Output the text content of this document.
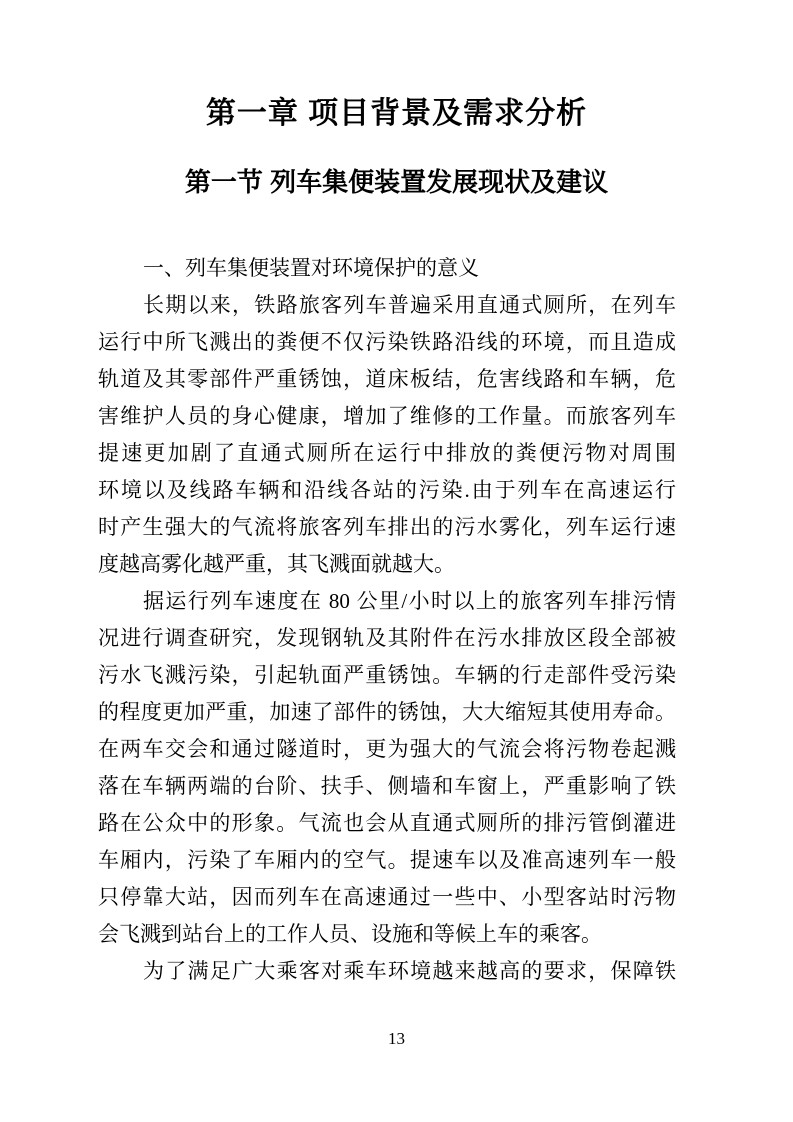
第一章 项目背景及需求分析
第一节 列车集便装置发展现状及建议
一、列车集便装置对环境保护的意义
长期以来，铁路旅客列车普遍采用直通式厕所，在列车
运行中所飞溅出的粪便不仅污染铁路沿线的环境，而且造成
轨道及其零部件严重锈蚀，道床板结，危害线路和车辆，危
害维护人员的身心健康，增加了维修的工作量。而旅客列车
提速更加剧了直通式厕所在运行中排放的粪便污物对周围
环境以及线路车辆和沿线各站的污染.由于列车在高速运行
时产生强大的气流将旅客列车排出的污水雾化，列车运行速
度越高雾化越严重，其飞溅面就越大。
据运行列车速度在 80 公里/小时以上的旅客列车排污情
况进行调查研究，发现钢轨及其附件在污水排放区段全部被
污水飞溅污染，引起轨面严重锈蚀。车辆的行走部件受污染
的程度更加严重，加速了部件的锈蚀，大大缩短其使用寿命。
在两车交会和通过隧道时，更为强大的气流会将污物卷起溅
落在车辆两端的台阶、扶手、侧墙和车窗上，严重影响了铁
路在公众中的形象。气流也会从直通式厕所的排污管倒灌进
车厢内，污染了车厢内的空气。提速车以及准高速列车一般
只停靠大站，因而列车在高速通过一些中、小型客站时污物
会飞溅到站台上的工作人员、设施和等候上车的乘客。
为了满足广大乘客对乘车环境越来越高的要求，保障铁
13
